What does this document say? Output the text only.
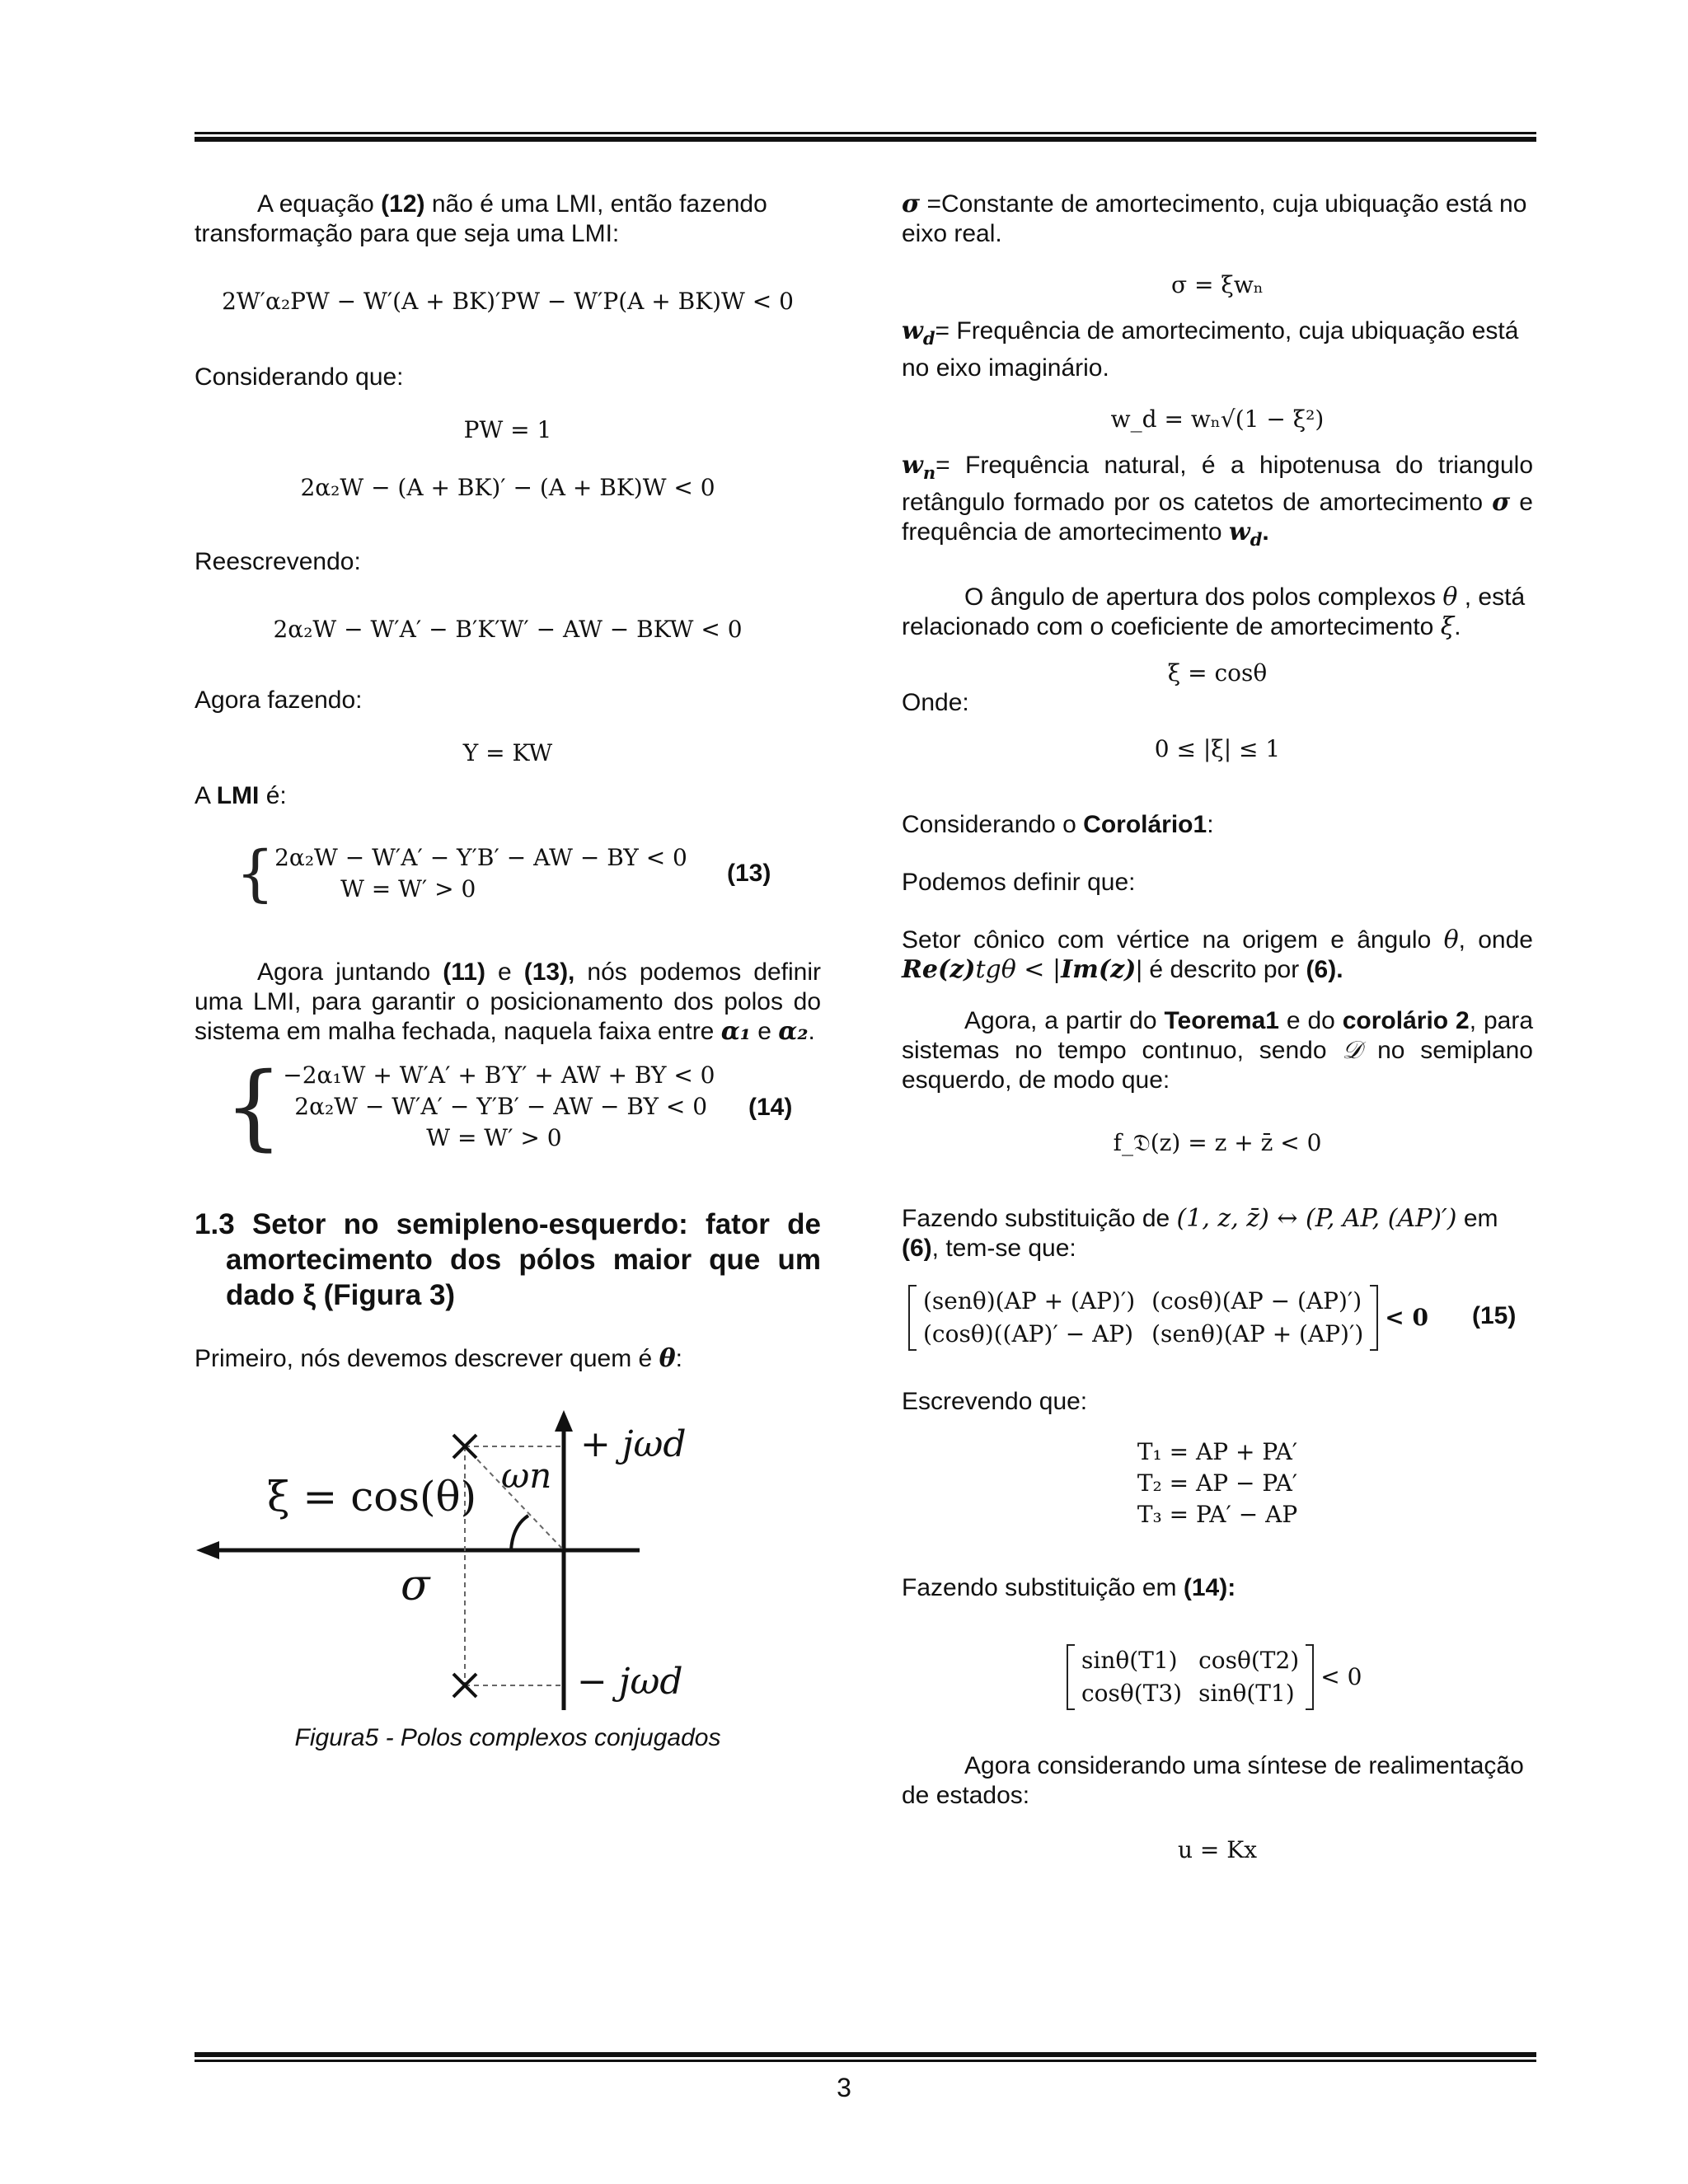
A equação (12) não é uma LMI, então fazendo transformação para que seja uma LMI:

2W′α₂PW − W′(A + BK)′PW − W′P(A + BK)W < 0

Considerando que:

PW = 1
2α₂W − (A + BK)′ − (A + BK)W < 0

Reescrevendo:

2α₂W − W′A′ − B′K′W′ − AW − BKW < 0

Agora fazendo:

Y = KW

A LMI é:

{ 2α₂W − W′A′ − Y′B′ − AW − BY < 0
W = W′ > 0
(13)

Agora juntando (11) e (13), nós podemos definir uma LMI, para garantir o posicionamento dos polos do sistema em malha fechada, naquela faixa entre α₁ e α₂.

{ −2α₁W + W′A′ + B′Y′ + AW + BY < 0
2α₂W − W′A′ − Y′B′ − AW − BY < 0
W = W′ > 0
(14)
1.3 Setor no semipleno-esquerdo: fator de amortecimento dos pólos maior que um dado ξ (Figura 3)

Primeiro, nós devemos descrever quem é θ:

ξ = cos(θ) ωn
+ jωd
− jωd
σ
Figura5 - Polos complexos conjugados

σ =Constante de amortecimento, cuja ubiquação está no eixo real.

σ = ξwₙ

$w_d=$ Frequência de amortecimento, cuja ubiquação está no eixo imaginário.

w_d = wₙ√(1 − ξ²)

$w_n=$ Frequência natural, é a hipotenusa do triangulo retângulo formado por os catetos de amortecimento σ e frequência de amortecimento $w_d$.

O ângulo de apertura dos polos complexos θ , está relacionado com o coeficiente de amortecimento ξ.

ξ = cosθ

Onde:

0 ≤ |ξ| ≤ 1

Considerando o Corolário1:

Podemos definir que:

Setor cônico com vértice na origem e ângulo θ, onde Re(z)tgθ < |Im(z)| é descrito por (6).

Agora, a partir do Teorema1 e do corolário 2, para sistemas no tempo contınuo, sendo 𝒟 no semiplano esquerdo, de modo que:

f_𝔇(z) = z + z̄ < 0

Fazendo substituição de (1, z, z̄) ↔ (P, AP, (AP)′) em (6), tem-se que:

(senθ)(AP + (AP)′)	(cosθ)(AP − (AP)′)
(cosθ)((AP)′ − AP)	(senθ)(AP + (AP)′)
< 0 (15)

Escrevendo que:

T₁ = AP + PA′
T₂ = AP − PA′
T₃ = PA′ − AP

Fazendo substituição em (14):

sinθ(T1)	cosθ(T2)
cosθ(T3)	sinθ(T1)
< 0

Agora considerando uma síntese de realimentação de estados:

u = Kx
3
